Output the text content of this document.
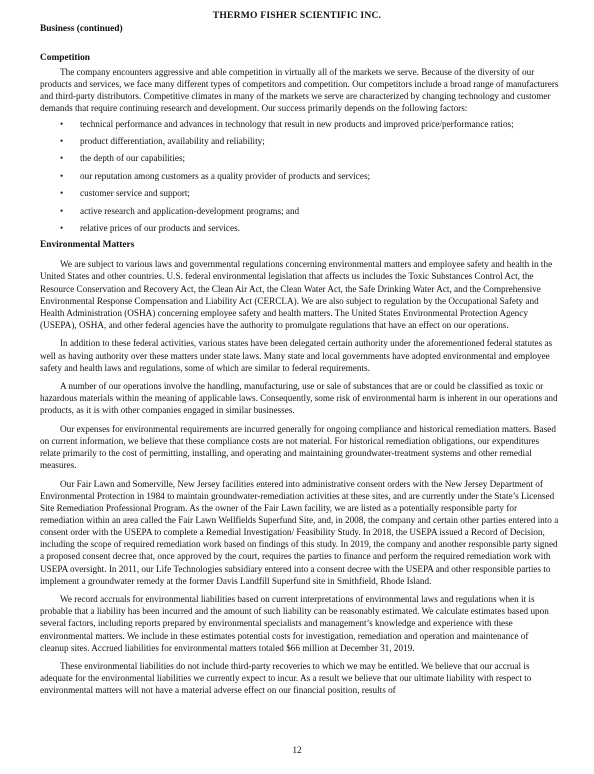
THERMO FISHER SCIENTIFIC INC.
Business (continued)
Competition

The company encounters aggressive and able competition in virtually all of the markets we serve. Because of the diversity of our products and services, we face many different types of competitors and competition. Our competitors include a broad range of manufacturers and third-party distributors. Competitive climates in many of the markets we serve are characterized by changing technology and customer demands that require continuing research and development. Our success primarily depends on the following factors:

• technical performance and advances in technology that result in new products and improved price/performance ratios;
• product differentiation, availability and reliability;
• the depth of our capabilities;
• our reputation among customers as a quality provider of products and services;
• customer service and support;
• active research and application-development programs; and
• relative prices of our products and services.
Environmental Matters

We are subject to various laws and governmental regulations concerning environmental matters and employee safety and health in the United States and other countries. U.S. federal environmental legislation that affects us includes the Toxic Substances Control Act, the Resource Conservation and Recovery Act, the Clean Air Act, the Clean Water Act, the Safe Drinking Water Act, and the Comprehensive Environmental Response Compensation and Liability Act (CERCLA). We are also subject to regulation by the Occupational Safety and Health Administration (OSHA) concerning employee safety and health matters. The United States Environmental Protection Agency (USEPA), OSHA, and other federal agencies have the authority to promulgate regulations that have an effect on our operations.

In addition to these federal activities, various states have been delegated certain authority under the aforementioned federal statutes as well as having authority over these matters under state laws. Many state and local governments have adopted environmental and employee safety and health laws and regulations, some of which are similar to federal requirements.

A number of our operations involve the handling, manufacturing, use or sale of substances that are or could be classified as toxic or hazardous materials within the meaning of applicable laws. Consequently, some risk of environmental harm is inherent in our operations and products, as it is with other companies engaged in similar businesses.

Our expenses for environmental requirements are incurred generally for ongoing compliance and historical remediation matters. Based on current information, we believe that these compliance costs are not material. For historical remediation obligations, our expenditures relate primarily to the cost of permitting, installing, and operating and maintaining groundwater-treatment systems and other remedial measures.

Our Fair Lawn and Somerville, New Jersey facilities entered into administrative consent orders with the New Jersey Department of Environmental Protection in 1984 to maintain groundwater-remediation activities at these sites, and are currently under the State’s Licensed Site Remediation Professional Program. As the owner of the Fair Lawn facility, we are listed as a potentially responsible party for remediation within an area called the Fair Lawn Wellfields Superfund Site, and, in 2008, the company and certain other parties entered into a consent order with the USEPA to complete a Remedial Investigation/ Feasibility Study. In 2018, the USEPA issued a Record of Decision, including the scope of required remediation work based on findings of this study. In 2019, the company and another responsible party signed a proposed consent decree that, once approved by the court, requires the parties to finance and perform the required remediation work with USEPA oversight. In 2011, our Life Technologies subsidiary entered into a consent decree with the USEPA and other responsible parties to implement a groundwater remedy at the former Davis Landfill Superfund site in Smithfield, Rhode Island.

We record accruals for environmental liabilities based on current interpretations of environmental laws and regulations when it is probable that a liability has been incurred and the amount of such liability can be reasonably estimated. We calculate estimates based upon several factors, including reports prepared by environmental specialists and management’s knowledge and experience with these environmental matters. We include in these estimates potential costs for investigation, remediation and operation and maintenance of cleanup sites. Accrued liabilities for environmental matters totaled $66 million at December 31, 2019.

These environmental liabilities do not include third-party recoveries to which we may be entitled. We believe that our accrual is adequate for the environmental liabilities we currently expect to incur. As a result we believe that our ultimate liability with respect to environmental matters will not have a material adverse effect on our financial position, results of

12
